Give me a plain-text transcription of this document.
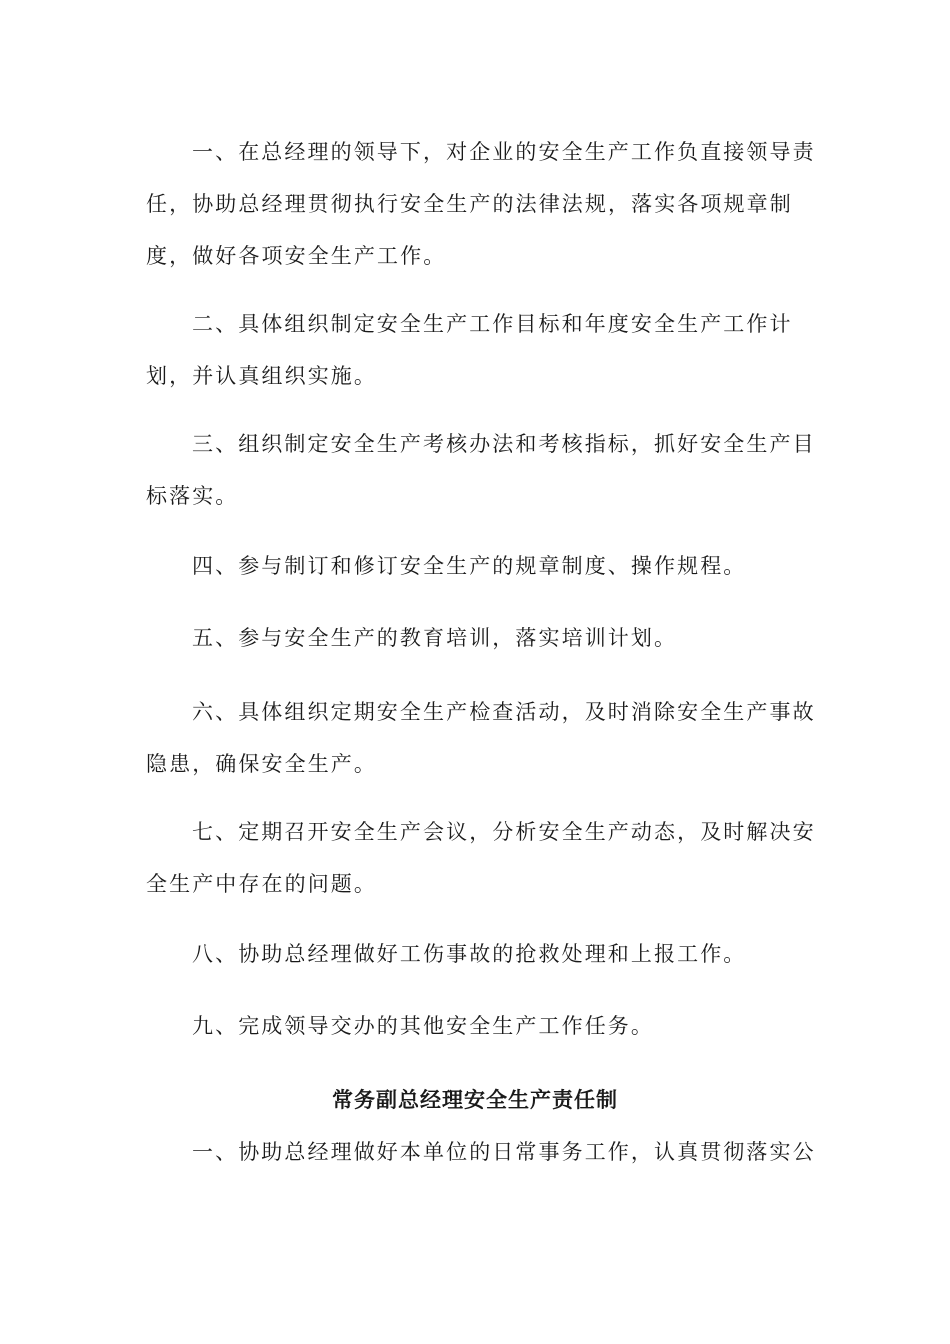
一、在总经理的领导下，对企业的安全生产工作负直接领导责任，协助总经理贯彻执行安全生产的法律法规，落实各项规章制度，做好各项安全生产工作。

二、具体组织制定安全生产工作目标和年度安全生产工作计划，并认真组织实施。

三、组织制定安全生产考核办法和考核指标，抓好安全生产目标落实。

四、参与制订和修订安全生产的规章制度、操作规程。

五、参与安全生产的教育培训，落实培训计划。

六、具体组织定期安全生产检查活动，及时消除安全生产事故隐患，确保安全生产。

七、定期召开安全生产会议，分析安全生产动态，及时解决安全生产中存在的问题。

八、协助总经理做好工伤事故的抢救处理和上报工作。

九、完成领导交办的其他安全生产工作任务。

常务副总经理安全生产责任制

一、协助总经理做好本单位的日常事务工作，认真贯彻落实公
